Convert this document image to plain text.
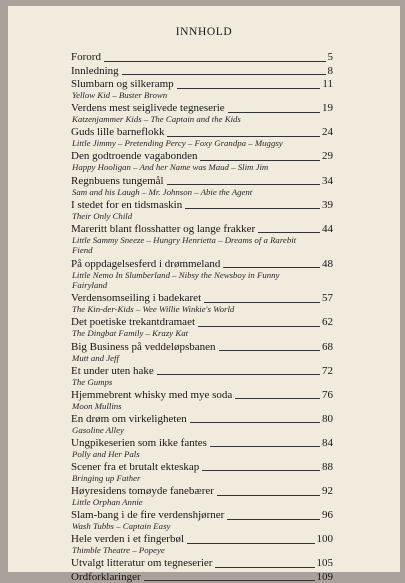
INNHOLD
Forord	5
Innledning	8
Slumbarn og silkeramp	11
Yellow Kid – Buster Brown
Verdens mest seiglivede tegneserie	19
Katzenjammer Kids – The Captain and the Kids
Guds lille barneflokk	24
Little Jimmy – Pretending Percy – Foxy Grandpa – Muggsy
Den godtroende vagabonden	29
Happy Hooligan – And her Name was Maud – Slim Jim
Regnbuens tungemål	34
Sam and his Laugh – Mr. Johnson – Abie the Agent
I stedet for en tidsmaskin	39
Their Only Child
Mareritt blant flosshatter og lange frakker	44
Little Sammy Sneeze – Hungry Henrietta – Dreams of a Rarebit
Fiend
På oppdagelsesferd i drømmeland	48
Little Nemo In Slumberland – Nibsy the Newsboy in Funny
Fairyland
Verdensomseiling i badekaret	57
The Kin-der-Kids – Wee Willie Winkie's World
Det poetiske trekantdramaet	62
The Dingbat Family – Krazy Kat
Big Business på veddeløpsbanen	68
Mutt and Jeff
Et under uten hake	72
The Gumps
Hjemmebrent whisky med mye soda	76
Moon Mullins
En drøm om virkeligheten	80
Gasoline Alley
Ungpikeserien som ikke fantes	84
Polly and Her Pals
Scener fra et brutalt ekteskap	88
Bringing up Father
Høyresidens tomøyde fanebærer	92
Little Orphan Annie
Slam-bang i de fire verdenshjørner	96
Wash Tubbs – Captain Easy
Hele verden i et fingerbøl	100
Thimble Theatre – Popeye
Utvalgt litteratur om tegneserier	105
Ordforklaringer	109
